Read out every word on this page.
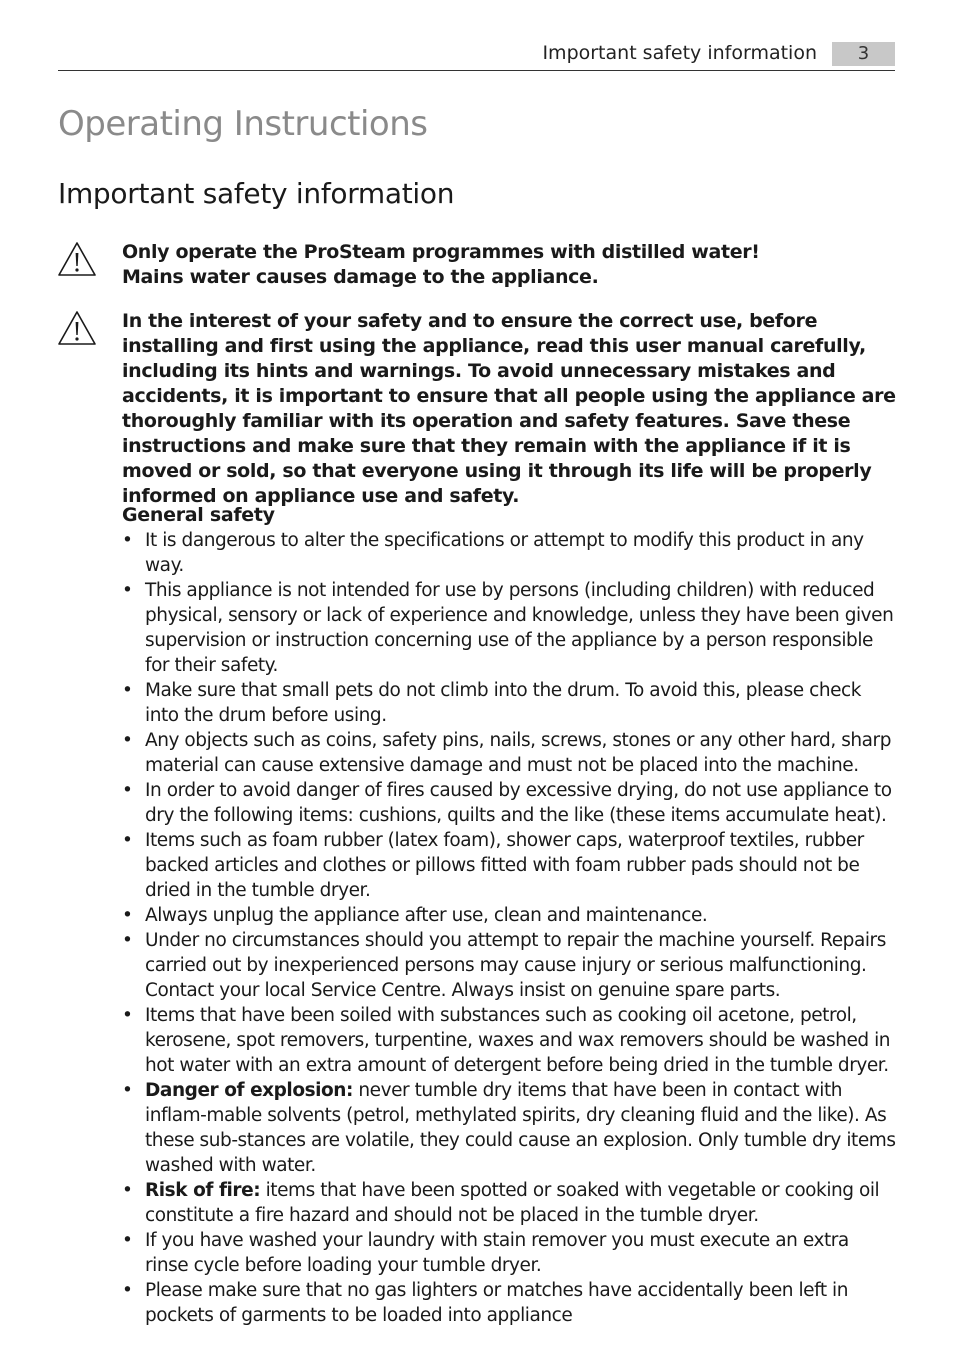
Important safety information	3
Operating Instructions
Important safety information

Only operate the ProSteam programmes with distilled water!

Mains water causes damage to the appliance.

In the interest of your safety and to ensure the correct use, before installing and first using the appliance, read this user manual carefully, including its hints and warnings. To avoid unnecessary mistakes and accidents, it is important to ensure that all people using the appliance are thoroughly familiar with its operation and safety features. Save these instructions and make sure that they remain with the appliance if it is moved or sold, so that everyone using it through its life will be properly informed on appliance use and safety.

General safety
• It is dangerous to alter the specifications or attempt to modify this product in any way.
• This appliance is not intended for use by persons (including children) with reduced physical, sensory or lack of experience and knowledge, unless they have been given supervision or instruction concerning use of the appliance by a person responsible for their safety.
• Make sure that small pets do not climb into the drum. To avoid this, please check into the drum before using.
• Any objects such as coins, safety pins, nails, screws, stones or any other hard, sharp material can cause extensive damage and must not be placed into the machine.
• In order to avoid danger of fires caused by excessive drying, do not use appliance to dry the following items: cushions, quilts and the like (these items accumulate heat).
• Items such as foam rubber (latex foam), shower caps, waterproof textiles, rubber backed articles and clothes or pillows fitted with foam rubber pads should not be dried in the tumble dryer.
• Always unplug the appliance after use, clean and maintenance.
• Under no circumstances should you attempt to repair the machine yourself. Repairs carried out by inexperienced persons may cause injury or serious malfunctioning. Contact your local Service Centre. Always insist on genuine spare parts.
• Items that have been soiled with substances such as cooking oil acetone, petrol, kerosene, spot removers, turpentine, waxes and wax removers should be washed in hot water with an extra amount of detergent before being dried in the tumble dryer.
• Danger of explosion: never tumble dry items that have been in contact with inflam-mable solvents (petrol, methylated spirits, dry cleaning fluid and the like). As these sub-stances are volatile, they could cause an explosion. Only tumble dry items washed with water.
• Risk of fire: items that have been spotted or soaked with vegetable or cooking oil constitute a fire hazard and should not be placed in the tumble dryer.
• If you have washed your laundry with stain remover you must execute an extra rinse cycle before loading your tumble dryer.
• Please make sure that no gas lighters or matches have accidentally been left in pockets of garments to be loaded into appliance
